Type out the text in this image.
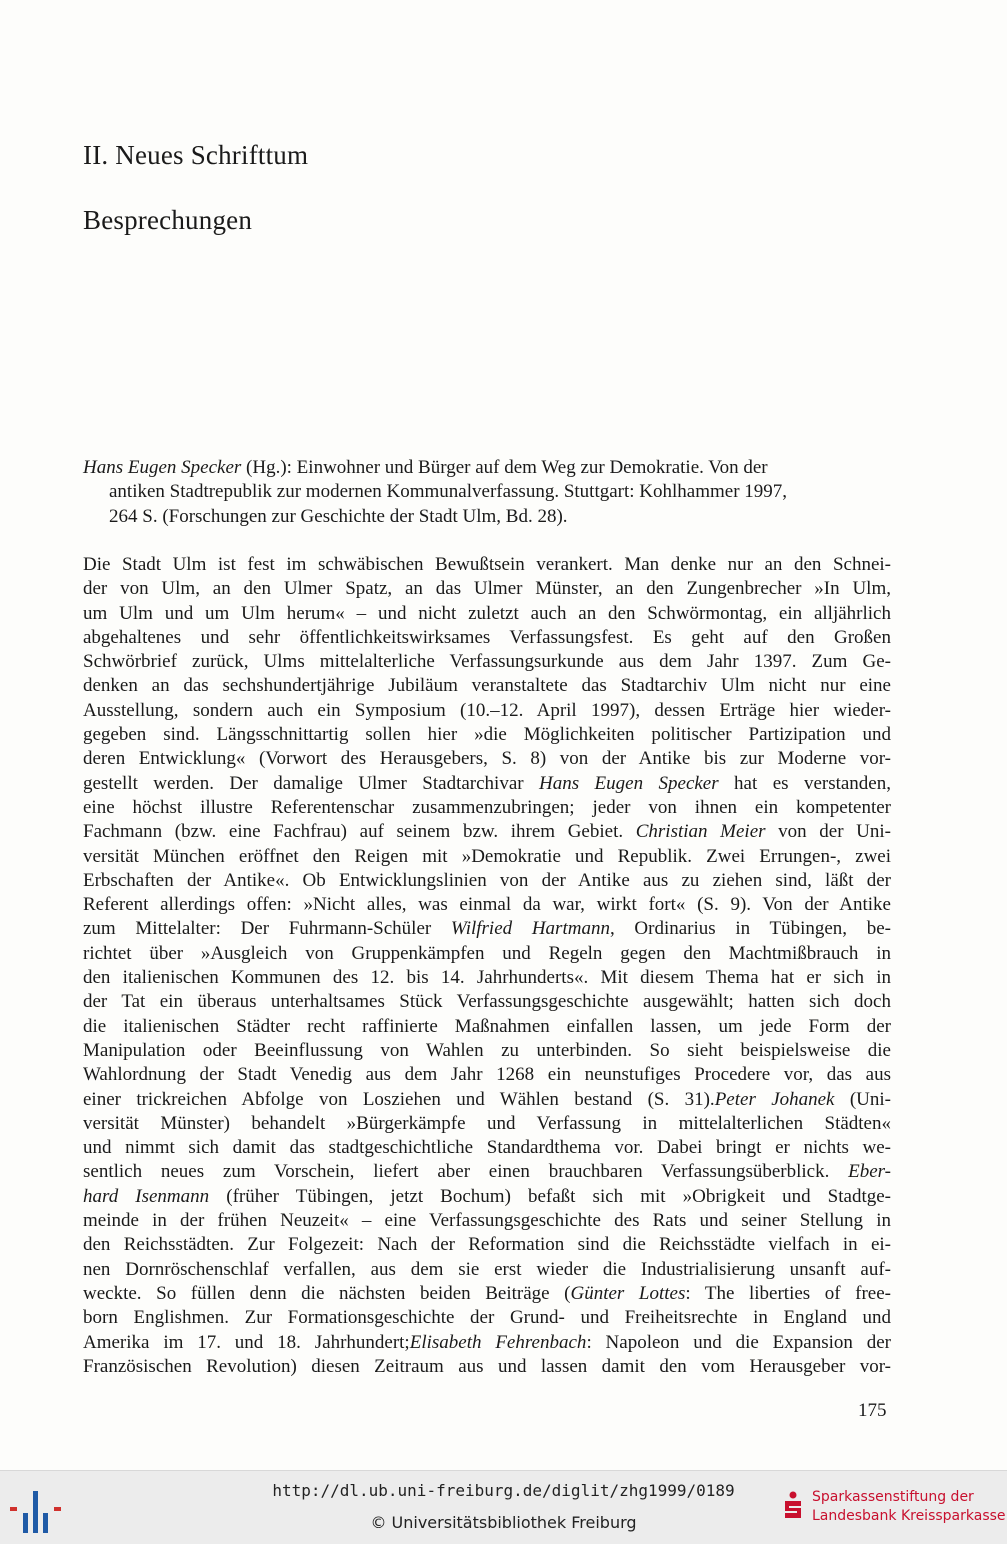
II. Neues Schrifttum
Besprechungen
Hans Eugen Specker (Hg.): Einwohner und Bürger auf dem Weg zur Demokratie. Von der
antiken Stadtrepublik zur modernen Kommunalverfassung. Stuttgart: Kohlhammer 1997,
264 S. (Forschungen zur Geschichte der Stadt Ulm, Bd. 28).
Die Stadt Ulm ist fest im schwäbischen Bewußtsein verankert. Man denke nur an den Schnei-
der von Ulm, an den Ulmer Spatz, an das Ulmer Münster, an den Zungenbrecher »In Ulm,
um Ulm und um Ulm herum« – und nicht zuletzt auch an den Schwörmontag, ein alljährlich
abgehaltenes und sehr öffentlichkeitswirksames Verfassungsfest. Es geht auf den Großen
Schwörbrief zurück, Ulms mittelalterliche Verfassungsurkunde aus dem Jahr 1397. Zum Ge-
denken an das sechshundertjährige Jubiläum veranstaltete das Stadtarchiv Ulm nicht nur eine
Ausstellung, sondern auch ein Symposium (10.–12. April 1997), dessen Erträge hier wieder-
gegeben sind. Längsschnittartig sollen hier »die Möglichkeiten politischer Partizipation und
deren Entwicklung« (Vorwort des Herausgebers, S. 8) von der Antike bis zur Moderne vor-
gestellt werden. Der damalige Ulmer Stadtarchivar Hans Eugen Specker hat es verstanden,
eine höchst illustre Referentenschar zusammenzubringen; jeder von ihnen ein kompetenter
Fachmann (bzw. eine Fachfrau) auf seinem bzw. ihrem Gebiet. Christian Meier von der Uni-
versität München eröffnet den Reigen mit »Demokratie und Republik. Zwei Errungen-, zwei
Erbschaften der Antike«. Ob Entwicklungslinien von der Antike aus zu ziehen sind, läßt der
Referent allerdings offen: »Nicht alles, was einmal da war, wirkt fort« (S. 9). Von der Antike
zum Mittelalter: Der Fuhrmann-Schüler Wilfried Hartmann, Ordinarius in Tübingen, be-
richtet über »Ausgleich von Gruppenkämpfen und Regeln gegen den Machtmißbrauch in
den italienischen Kommunen des 12. bis 14. Jahrhunderts«. Mit diesem Thema hat er sich in
der Tat ein überaus unterhaltsames Stück Verfassungsgeschichte ausgewählt; hatten sich doch
die italienischen Städter recht raffinierte Maßnahmen einfallen lassen, um jede Form der
Manipulation oder Beeinflussung von Wahlen zu unterbinden. So sieht beispielsweise die
Wahlordnung der Stadt Venedig aus dem Jahr 1268 ein neunstufiges Procedere vor, das aus
einer trickreichen Abfolge von Losziehen und Wählen bestand (S. 31).Peter Johanek (Uni-
versität Münster) behandelt »Bürgerkämpfe und Verfassung in mittelalterlichen Städten«
und nimmt sich damit das stadtgeschichtliche Standardthema vor. Dabei bringt er nichts we-
sentlich neues zum Vorschein, liefert aber einen brauchbaren Verfassungsüberblick. Eber-
hard Isenmann (früher Tübingen, jetzt Bochum) befaßt sich mit »Obrigkeit und Stadtge-
meinde in der frühen Neuzeit« – eine Verfassungsgeschichte des Rats und seiner Stellung in
den Reichsstädten. Zur Folgezeit: Nach der Reformation sind die Reichsstädte vielfach in ei-
nen Dornröschenschlaf verfallen, aus dem sie erst wieder die Industrialisierung unsanft auf-
weckte. So füllen denn die nächsten beiden Beiträge (Günter Lottes: The liberties of free-
born Englishmen. Zur Formationsgeschichte der Grund- und Freiheitsrechte in England und
Amerika im 17. und 18. Jahrhundert;Elisabeth Fehrenbach: Napoleon und die Expansion der
Französischen Revolution) diesen Zeitraum aus und lassen damit den vom Herausgeber vor-
175
http://dl.ub.uni-freiburg.de/diglit/zhg1999/0189
© Universitätsbibliothek Freiburg
Sparkassenstiftung der
Landesbank Kreissparkasse
